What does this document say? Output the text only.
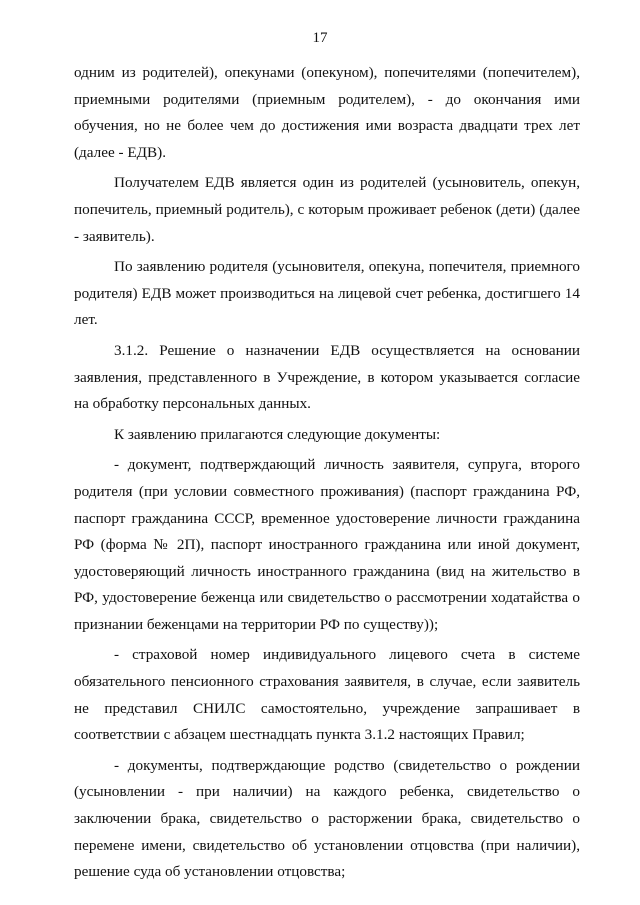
17

одним из родителей), опекунами (опекуном), попечителями (попечителем), приемными родителями (приемным родителем), - до окончания ими обучения, но не более чем до достижения ими возраста двадцати трех лет (далее - ЕДВ).

Получателем ЕДВ является один из родителей (усыновитель, опекун, попечитель, приемный родитель), с которым проживает ребенок (дети) (далее - заявитель).

По заявлению родителя (усыновителя, опекуна, попечителя, приемного родителя) ЕДВ может производиться на лицевой счет ребенка, достигшего 14 лет.

3.1.2. Решение о назначении ЕДВ осуществляется на основании заявления, представленного в Учреждение, в котором указывается согласие на обработку персональных данных.

К заявлению прилагаются следующие документы:

- документ, подтверждающий личность заявителя, супруга, второго родителя (при условии совместного проживания) (паспорт гражданина РФ, паспорт гражданина СССР, временное удостоверение личности гражданина РФ (форма № 2П), паспорт иностранного гражданина или иной документ, удостоверяющий личность иностранного гражданина (вид на жительство в РФ, удостоверение беженца или свидетельство о рассмотрении ходатайства о признании беженцами на территории РФ по существу));

- страховой номер индивидуального лицевого счета в системе обязательного пенсионного страхования заявителя, в случае, если заявитель не представил СНИЛС самостоятельно, учреждение запрашивает в соответствии с абзацем шестнадцать пункта 3.1.2 настоящих Правил;

- документы, подтверждающие родство (свидетельство о рождении (усыновлении - при наличии) на каждого ребенка, свидетельство о заключении брака, свидетельство о расторжении брака, свидетельство о перемене имени, свидетельство об установлении отцовства (при наличии), решение суда об установлении отцовства;
